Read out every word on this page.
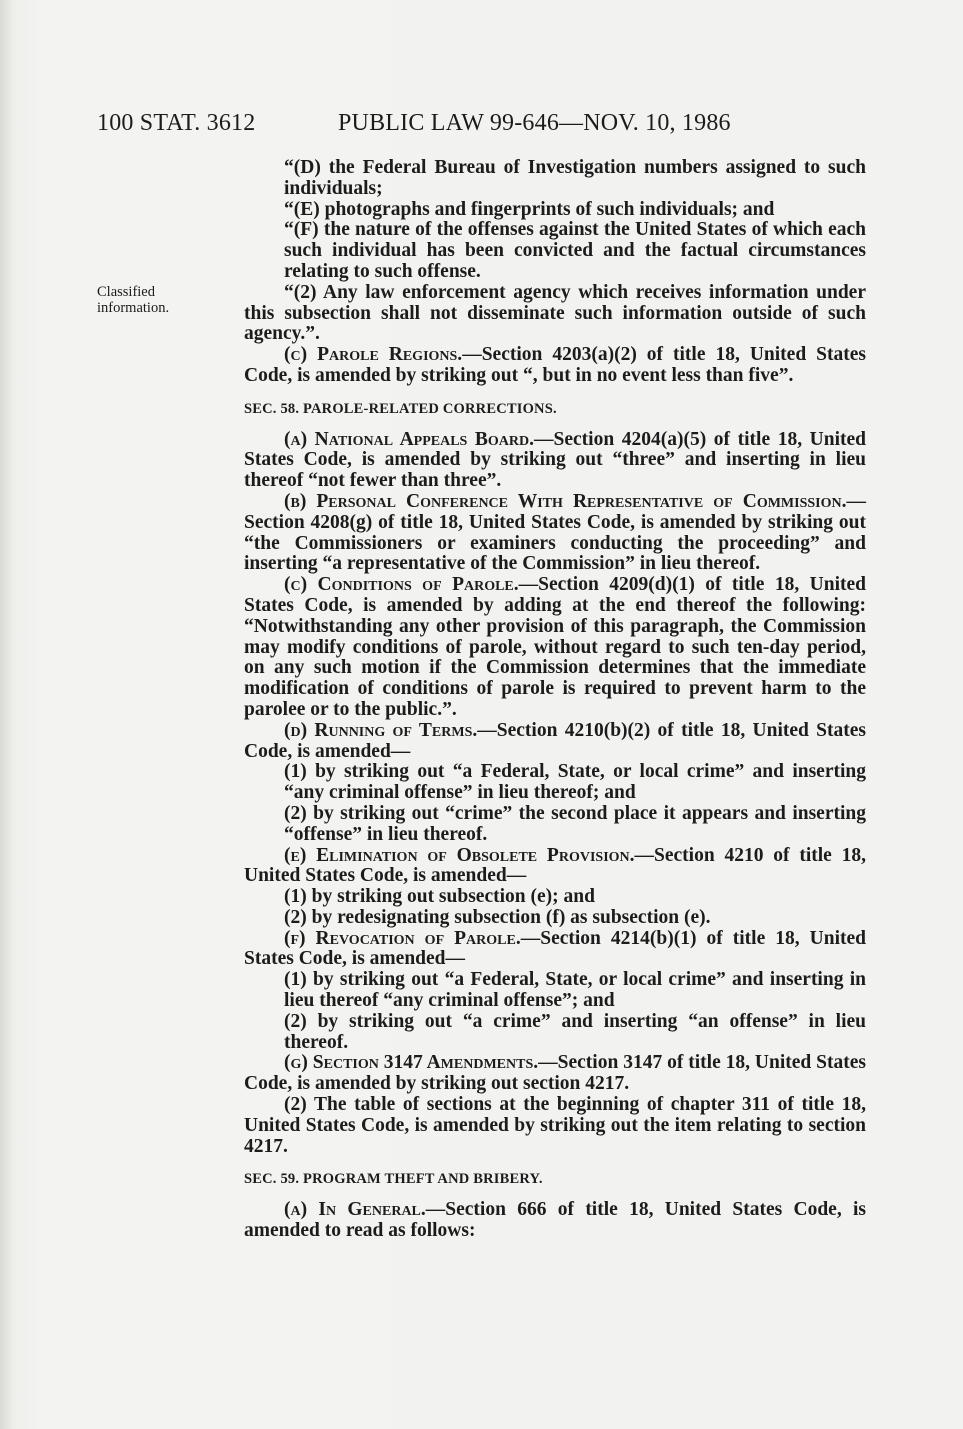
100 STAT. 3612	PUBLIC LAW 99-646—NOV. 10, 1986
Classified information.

“(D) the Federal Bureau of Investigation numbers assigned to such individuals;

“(E) photographs and fingerprints of such individuals; and

“(F) the nature of the offenses against the United States of which each such individual has been convicted and the factual circumstances relating to such offense.

“(2) Any law enforcement agency which receives information under this subsection shall not disseminate such information outside of such agency.”.

(c) Parole Regions.—Section 4203(a)(2) of title 18, United States Code, is amended by striking out “, but in no event less than five”.

SEC. 58. PAROLE-RELATED CORRECTIONS.

(a) National Appeals Board.—Section 4204(a)(5) of title 18, United States Code, is amended by striking out “three” and inserting in lieu thereof “not fewer than three”.

(b) Personal Conference With Representative of Commission.—Section 4208(g) of title 18, United States Code, is amended by striking out “the Commissioners or examiners conducting the proceeding” and inserting “a representative of the Commission” in lieu thereof.

(c) Conditions of Parole.—Section 4209(d)(1) of title 18, United States Code, is amended by adding at the end thereof the following: “Notwithstanding any other provision of this paragraph, the Commission may modify conditions of parole, without regard to such ten-day period, on any such motion if the Commission determines that the immediate modification of conditions of parole is required to prevent harm to the parolee or to the public.”.

(d) Running of Terms.—Section 4210(b)(2) of title 18, United States Code, is amended—

(1) by striking out “a Federal, State, or local crime” and inserting “any criminal offense” in lieu thereof; and

(2) by striking out “crime” the second place it appears and inserting “offense” in lieu thereof.

(e) Elimination of Obsolete Provision.—Section 4210 of title 18, United States Code, is amended—

(1) by striking out subsection (e); and

(2) by redesignating subsection (f) as subsection (e).

(f) Revocation of Parole.—Section 4214(b)(1) of title 18, United States Code, is amended—

(1) by striking out “a Federal, State, or local crime” and inserting in lieu thereof “any criminal offense”; and

(2) by striking out “a crime” and inserting “an offense” in lieu thereof.

(g) Section 3147 Amendments.—Section 3147 of title 18, United States Code, is amended by striking out section 4217.

(2) The table of sections at the beginning of chapter 311 of title 18, United States Code, is amended by striking out the item relating to section 4217.

SEC. 59. PROGRAM THEFT AND BRIBERY.

(a) In General.—Section 666 of title 18, United States Code, is amended to read as follows:
